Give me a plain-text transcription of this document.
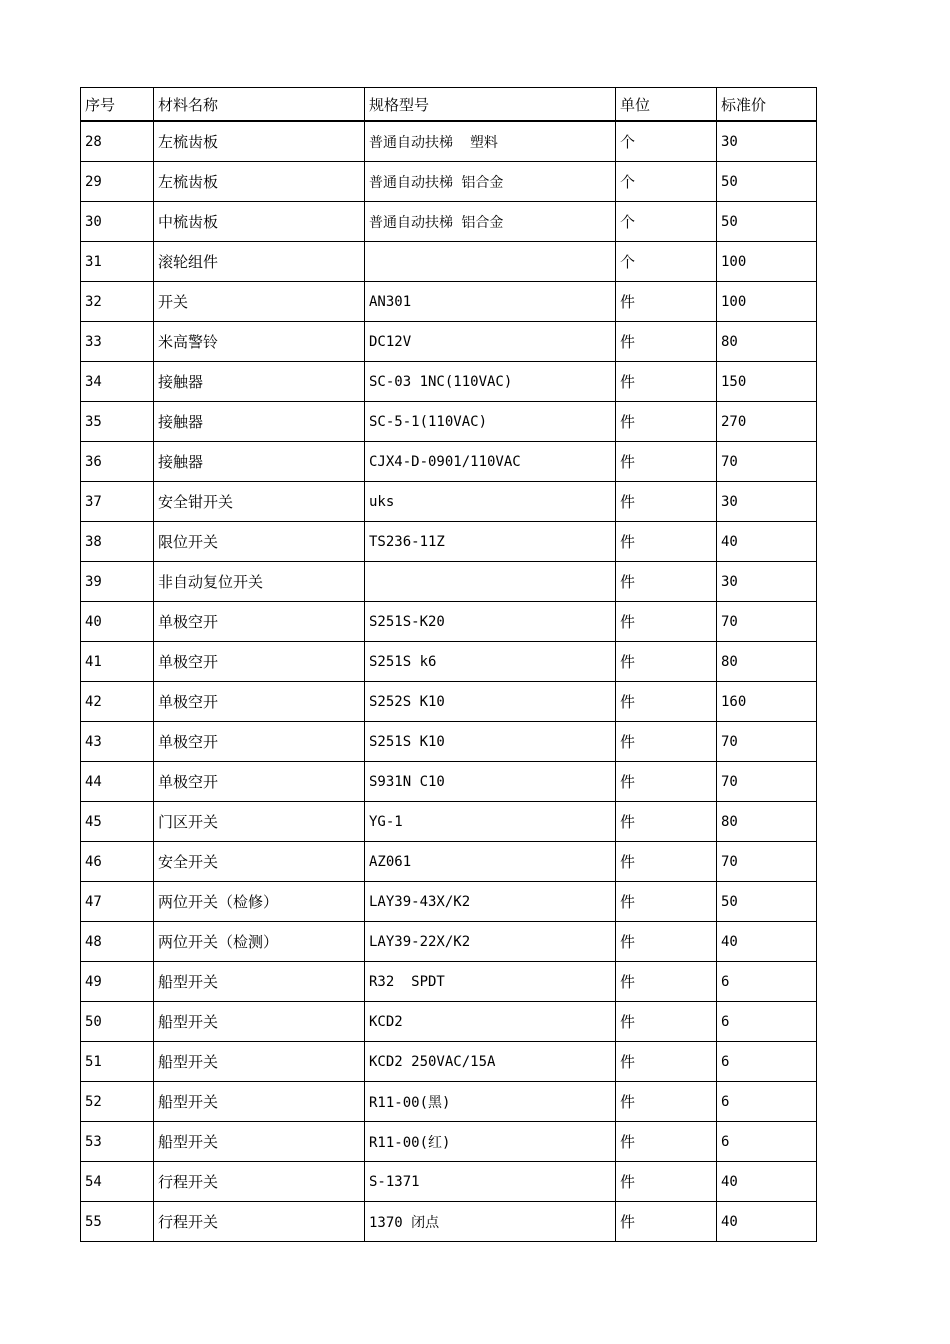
序号	材料名称	规格型号	单位	标准价
28	左梳齿板	普通自动扶梯  塑料	个	30
29	左梳齿板	普通自动扶梯 铝合金	个	50
30	中梳齿板	普通自动扶梯 铝合金	个	50
31	滚轮组件		个	100
32	开关	AN301	件	100
33	米高警铃	DC12V	件	80
34	接触器	SC-03 1NC(110VAC)	件	150
35	接触器	SC-5-1(110VAC)	件	270
36	接触器	CJX4-D-0901/110VAC	件	70
37	安全钳开关	uks	件	30
38	限位开关	TS236-11Z	件	40
39	非自动复位开关		件	30
40	单极空开	S251S-K20	件	70
41	单极空开	S251S k6	件	80
42	单极空开	S252S K10	件	160
43	单极空开	S251S K10	件	70
44	单极空开	S931N C10	件	70
45	门区开关	YG-1	件	80
46	安全开关	AZ061	件	70
47	两位开关（检修）	LAY39-43X/K2	件	50
48	两位开关（检测）	LAY39-22X/K2	件	40
49	船型开关	R32  SPDT	件	6
50	船型开关	KCD2	件	6
51	船型开关	KCD2 250VAC/15A	件	6
52	船型开关	R11-00(黑)	件	6
53	船型开关	R11-00(红)	件	6
54	行程开关	S-1371	件	40
55	行程开关	1370 闭点	件	40
